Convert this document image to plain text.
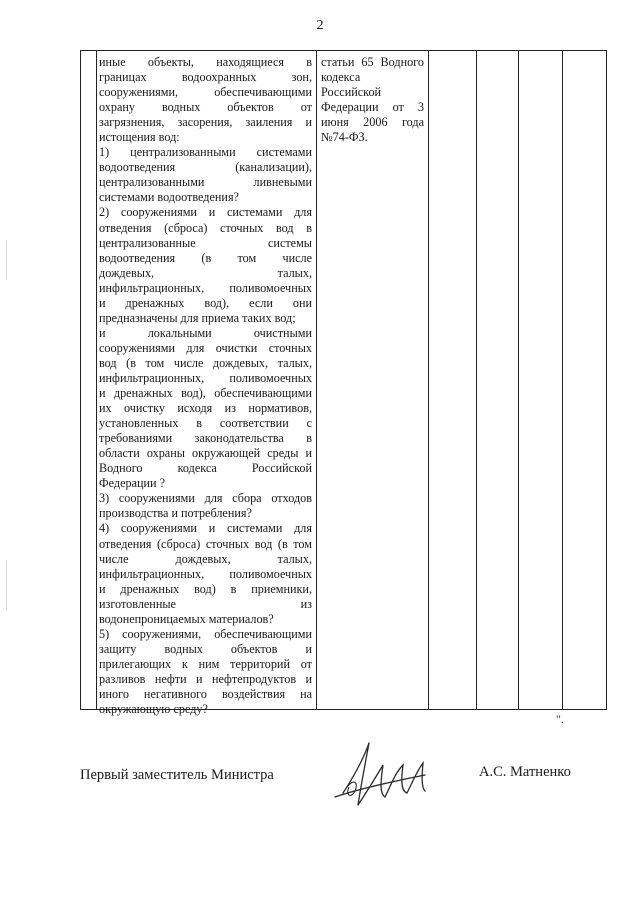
2

иные объекты, находящиеся в

границах водоохранных зон,

сооружениями, обеспечивающими

охрану водных объектов от

загрязнения, засорения, заиления и

истощения вод:

1) централизованными системами

водоотведения (канализации),

централизованными ливневыми

системами водоотведения?

2) сооружениями и системами для

отведения (сброса) сточных вод в

централизованные системы

водоотведения (в том числе

дождевых, талых,

инфильтрационных, поливомоечных

и дренажных вод), если они

предназначены для приема таких вод;

и локальными очистными

сооружениями для очистки сточных

вод (в том числе дождевых, талых,

инфильтрационных, поливомоечных

и дренажных вод), обеспечивающими

их очистку исходя из нормативов,

установленных в соответствии с

требованиями законодательства в

области охраны окружающей среды и

Водного кодекса Российской

Федерации ?

3) сооружениями для сбора отходов

производства и потребления?

4) сооружениями и системами для

отведения (сброса) сточных вод (в том

числе дождевых, талых,

инфильтрационных, поливомоечных

и дренажных вод) в приемники,

изготовленные из

водонепроницаемых материалов?

5) сооружениями, обеспечивающими

защиту водных объектов и

прилегающих к ним территорий от

разливов нефти и нефтепродуктов и

иного негативного воздействия на

окружающую среду?

статьи 65 Водного

кодекса

Российской

Федерации от 3

июня 2006 года

№74-ФЗ.

".
Первый заместитель Министра	А.С. Матненко
